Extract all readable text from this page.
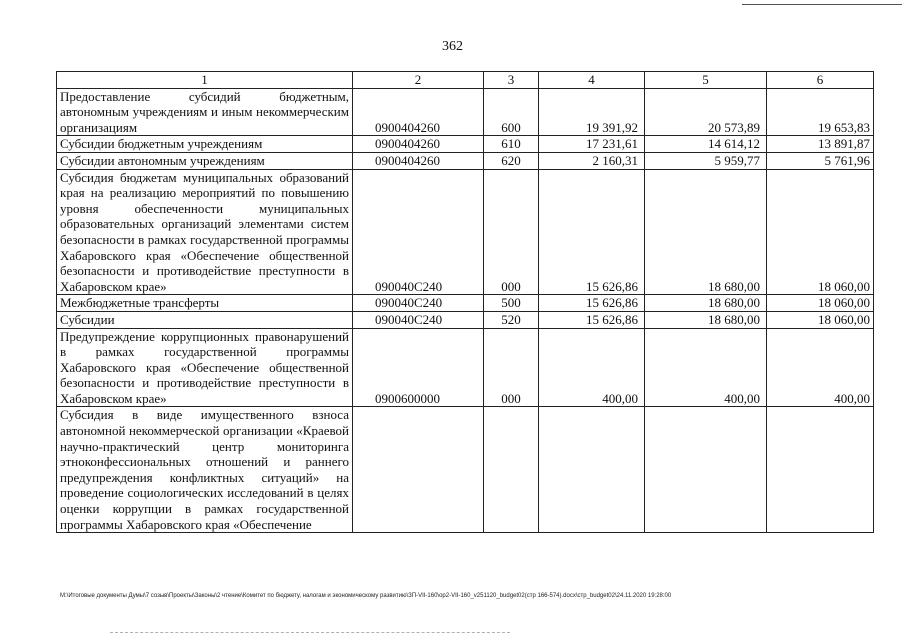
362
1	2	3	4	5	6
Предоставление субсидий бюджетным, автономным учреждениям и иным некоммерческим организациям	0900404260	600	19 391,92	20 573,89	19 653,83
Субсидии бюджетным учреждениям	0900404260	610	17 231,61	14 614,12	13 891,87
Субсидии автономным учреждениям	0900404260	620	2 160,31	5 959,77	5 761,96
Субсидия бюджетам муниципальных образований края на реализацию мероприятий по повышению уровня обеспеченности муниципальных образовательных организаций элементами систем безопасности в рамках государственной программы Хабаровского края «Обеспечение общественной безопасности и противодействие преступности в Хабаровском крае»	090040С240	000	15 626,86	18 680,00	18 060,00
Межбюджетные трансферты	090040С240	500	15 626,86	18 680,00	18 060,00
Субсидии	090040С240	520	15 626,86	18 680,00	18 060,00
Предупреждение коррупционных правонарушений в рамках государственной программы Хабаровского края «Обеспечение общественной безопасности и противодействие преступности в Хабаровском крае»	0900600000	000	400,00	400,00	400,00
Субсидия в виде имущественного взноса автономной некоммерческой организации «Краевой научно-практический центр мониторинга этноконфессиональных отношений и раннего предупреждения конфликтных ситуаций» на проведение социологических исследований в целях оценки коррупции в рамках государственной программы Хабаровского края «Обеспечение					
M:\Итоговые документы Думы\7 созыв\Проекты\Законы\2 чтение\Комитет по бюджету, налогам и экономическому развитию\ЗП-VII-160\ор2-VII-160_v251120_budget02(стр 166-574).docx\стр_budget02\24.11.2020 19:28:00
